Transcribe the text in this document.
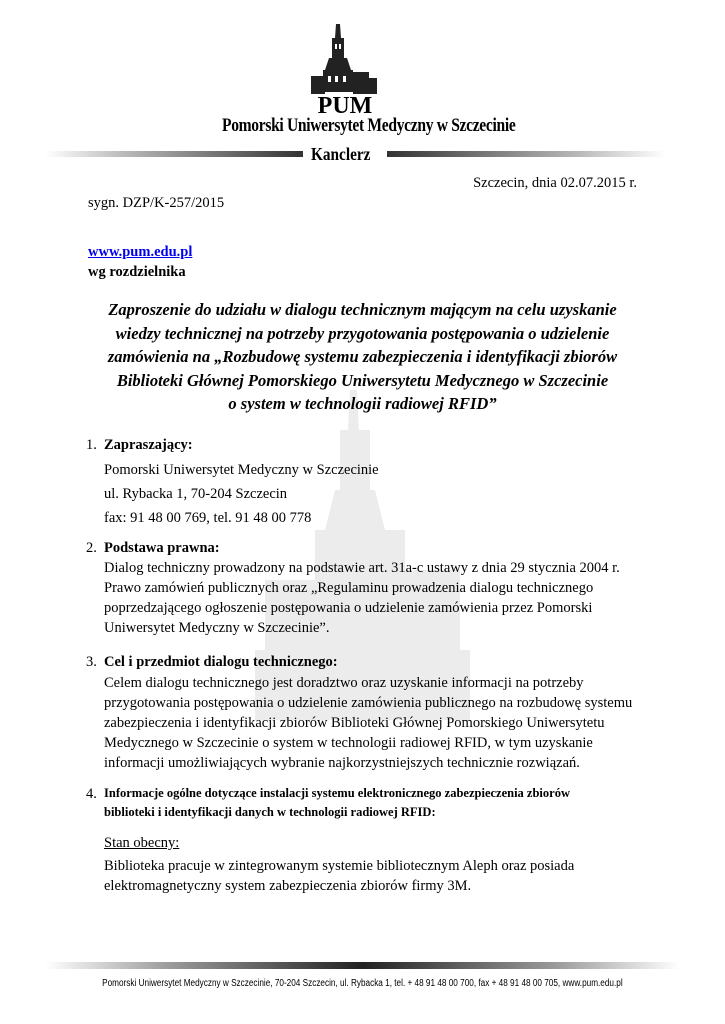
PUM
Pomorski Uniwersytet Medyczny w Szczecinie
Kanclerz
Szczecin, dnia 02.07.2015 r.
sygn. DZP/K-257/2015
www.pum.edu.pl
wg rozdzielnika
Zaproszenie do udziału w dialogu technicznym mającym na celu uzyskanie
wiedzy technicznej na potrzeby przygotowania postępowania o udzielenie
zamówienia na „Rozbudowę systemu zabezpieczenia i identyfikacji zbiorów
Biblioteki Głównej Pomorskiego Uniwersytetu Medycznego w Szczecinie
o system w technologii radiowej RFID”
1. Zapraszający:
Pomorski Uniwersytet Medyczny w Szczecinie
ul. Rybacka 1, 70-204 Szczecin
fax: 91 48 00 769, tel. 91 48 00 778
2. Podstawa prawna:
Dialog techniczny prowadzony na podstawie art. 31a-c ustawy z dnia 29 stycznia 2004 r.
Prawo zamówień publicznych oraz „Regulaminu prowadzenia dialogu technicznego
poprzedzającego ogłoszenie postępowania o udzielenie zamówienia przez Pomorski
Uniwersytet Medyczny w Szczecinie”.
3. Cel i przedmiot dialogu technicznego:
Celem dialogu technicznego jest doradztwo oraz uzyskanie informacji na potrzeby
przygotowania postępowania o udzielenie zamówienia publicznego na rozbudowę systemu
zabezpieczenia i identyfikacji zbiorów Biblioteki Głównej Pomorskiego Uniwersytetu
Medycznego w Szczecinie o system w technologii radiowej RFID, w tym uzyskanie
informacji umożliwiających wybranie najkorzystniejszych technicznie rozwiązań.
4. Informacje ogólne dotyczące instalacji systemu elektronicznego zabezpieczenia zbiorów
biblioteki i identyfikacji danych w technologii radiowej RFID:
Stan obecny:
Biblioteka pracuje w zintegrowanym systemie bibliotecznym Aleph oraz posiada
elektromagnetyczny system zabezpieczenia zbiorów firmy 3M.
Pomorski Uniwersytet Medyczny w Szczecinie, 70-204 Szczecin, ul. Rybacka 1, tel. + 48 91 48 00 700, fax + 48 91 48 00 705, www.pum.edu.pl
